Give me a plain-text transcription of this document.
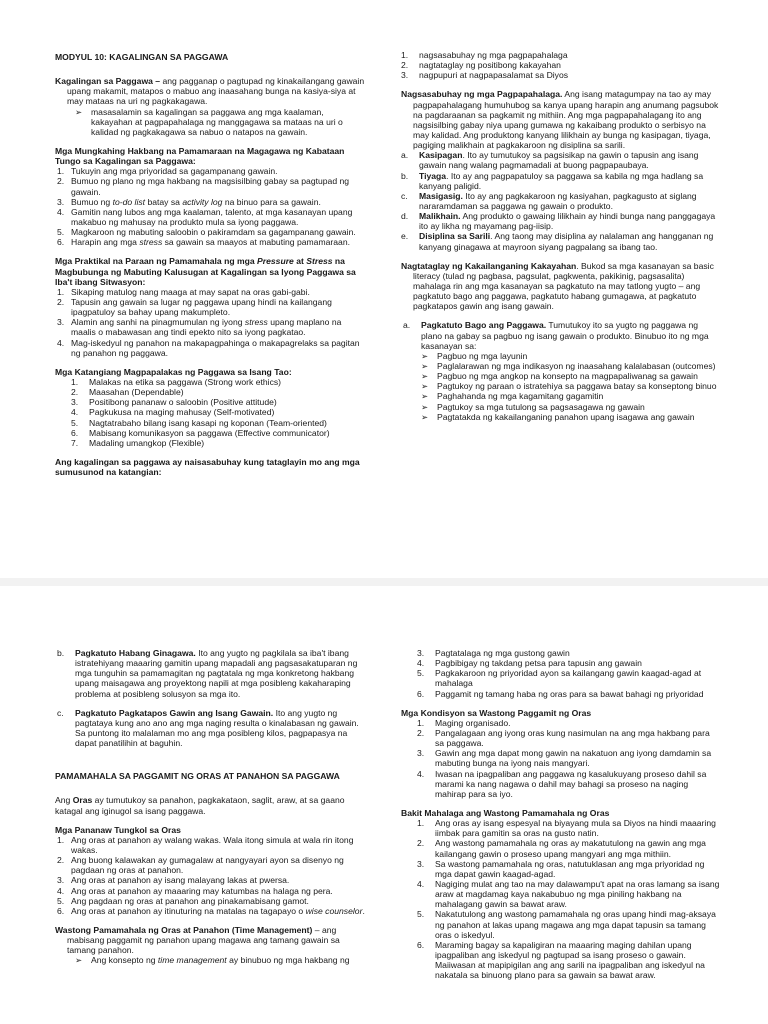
MODYUL 10: KAGALINGAN SA PAGGAWA

Kagalingan sa Paggawa – ang pagganap o pagtupad ng kinakailangang gawain upang makamit, matapos o mabuo ang inaasahang bunga na kasiya-siya at may mataas na uri ng pagkakagawa.

➢ masasalamin sa kagalingan sa paggawa ang mga kaalaman, kakayahan at pagpapahalaga ng manggagawa sa mataas na uri o kalidad ng pagkakagawa sa nabuo o natapos na gawain.

Mga Mungkahing Hakbang na Pamamaraan na Magagawa ng Kabataan Tungo sa Kagalingan sa Paggawa:

1. Tukuyin ang mga priyoridad sa gagampanang gawain.
2. Bumuo ng plano ng mga hakbang na magsisilbing gabay sa pagtupad ng gawain.
3. Bumuo ng to-do list batay sa activity log na binuo para sa gawain.
4. Gamitin nang lubos ang mga kaalaman, talento, at mga kasanayan upang makabuo ng mahusay na produkto mula sa iyong paggawa.
5. Magkaroon ng mabuting saloobin o pakiramdam sa gagampanang gawain.
6. Harapin ang mga stress sa gawain sa maayos at mabuting pamamaraan.

Mga Praktikal na Paraan ng Pamamahala ng mga Pressure at Stress na Magbubunga ng Mabuting Kalusugan at Kagalingan sa Iyong Paggawa sa Iba't ibang Sitwasyon:

1. Sikaping matulog nang maaga at may sapat na oras gabi-gabi.
2. Tapusin ang gawain sa lugar ng paggawa upang hindi na kailangang ipagpatuloy sa bahay upang makumpleto.
3. Alamin ang sanhi na pinagmumulan ng iyong stress upang maplano na maalis o mabawasan ang tindi epekto nito sa iyong pagkatao.
4. Mag-iskedyul ng panahon na makapagpahinga o makapagrelaks sa pagitan ng panahon ng paggawa.

Mga Katangiang Magpapalakas ng Paggawa sa Isang Tao:

1. Malakas na etika sa paggawa (Strong work ethics)
2. Maasahan (Dependable)
3. Positibong pananaw o saloobin (Positive attitude)
4. Pagkukusa na maging mahusay (Self-motivated)
5. Nagtatrabaho bilang isang kasapi ng koponan (Team-oriented)
6. Mabisang komunikasyon sa paggawa (Effective communicator)
7. Madaling umangkop (Flexible)

Ang kagalingan sa paggawa ay naisasabuhay kung tataglayin mo ang mga sumusunod na katangian:

1. nagsasabuhay ng mga pagpapahalaga
2. nagtataglay ng positibong kakayahan
3. nagpupuri at nagpapasalamat sa Diyos

Nagsasabuhay ng mga Pagpapahalaga. Ang isang matagumpay na tao ay may pagpapahalagang humuhubog sa kanya upang harapin ang anumang pagsubok na pagdaraanan sa pagkamit ng mithiin. Ang mga pagpapahalagang ito ang nagsisilbing gabay niya upang gumawa ng kakaibang produkto o serbisyo na may kalidad. Ang produktong kanyang lilikhain ay bunga ng kasipagan, tiyaga, pagiging malikhain at pagkakaroon ng disiplina sa sarili.

a. Kasipagan. Ito ay tumutukoy sa pagsisikap na gawin o tapusin ang isang gawain nang walang pagmamadali at buong pagpapaubaya.
b. Tiyaga. Ito ay ang pagpapatuloy sa paggawa sa kabila ng mga hadlang sa kanyang paligid.
c. Masigasig. Ito ay ang pagkakaroon ng kasiyahan, pagkagusto at siglang nararamdaman sa paggawa ng gawain o produkto.
d. Malikhain. Ang produkto o gawaing lilikhain ay hindi bunga nang panggagaya ito ay likha ng mayamang pag-iisip.
e. Disiplina sa Sarili. Ang taong may disiplina ay nalalaman ang hangganan ng kanyang ginagawa at mayroon siyang pagpalang sa ibang tao.

Nagtataglay ng Kakailanganing Kakayahan. Bukod sa mga kasanayan sa basic literacy (tulad ng pagbasa, pagsulat, pagkwenta, pakikinig, pagsasalita) mahalaga rin ang mga kasanayan sa pagkatuto na may tatlong yugto – ang pagkatuto bago ang paggawa, pagkatuto habang gumagawa, at pagkatuto pagkatapos gawin ang isang gawain.

a. Pagkatuto Bago ang Paggawa. Tumutukoy ito sa yugto ng paggawa ng plano na gabay sa pagbuo ng isang gawain o produkto. Binubuo ito ng mga kasanayan sa:

➢ Pagbuo ng mga layunin
➢ Paglalarawan ng mga indikasyon ng inaasahang kalalabasan (outcomes)
➢ Pagbuo ng mga angkop na konsepto na magpapaliwanag sa gawain
➢ Pagtukoy ng paraan o istratehiya sa paggawa batay sa konseptong binuo
➢ Paghahanda ng mga kagamitang gagamitin
➢ Pagtukoy sa mga tutulong sa pagsasagawa ng gawain
➢ Pagtatakda ng kakailanganing panahon upang isagawa ang gawain

b. Pagkatuto Habang Ginagawa. Ito ang yugto ng pagkilala sa iba't ibang istratehiyang maaaring gamitin upang mapadali ang pagsasakatuparan ng mga tunguhin sa pamamagitan ng pagtatala ng mga konkretong hakbang upang maisagawa ang proyektong napili at mga posibleng kakaharaping problema at posibleng solusyon sa mga ito.

c. Pagkatuto Pagkatapos Gawin ang Isang Gawain. Ito ang yugto ng pagtataya kung ano ano ang mga naging resulta o kinalabasan ng gawain. Sa puntong ito malalaman mo ang mga posibleng kilos, pagpapasya na dapat panatilihin at baguhin.

PAMAMAHALA SA PAGGAMIT NG ORAS AT PANAHON SA PAGGAWA

Ang Oras ay tumutukoy sa panahon, pagkakataon, saglit, araw, at sa gaano katagal ang iginugol sa isang paggawa.

Mga Pananaw Tungkol sa Oras

1. Ang oras at panahon ay walang wakas. Wala itong simula at wala rin itong wakas.
2. Ang buong kalawakan ay gumagalaw at nangyayari ayon sa disenyo ng pagdaan ng oras at panahon.
3. Ang oras at panahon ay isang malayang lakas at pwersa.
4. Ang oras at panahon ay maaaring may katumbas na halaga ng pera.
5. Ang pagdaan ng oras at panahon ang pinakamabisang gamot.
6. Ang oras at panahon ay itinuturing na matalas na tagapayo o wise counselor.

Wastong Pamamahala ng Oras at Panahon (Time Management) – ang mabisang paggamit ng panahon upang magawa ang tamang gawain sa tamang panahon.

➢ Ang konsepto ng time management ay binubuo ng mga hakbang ng
3. Pagtatalaga ng mga gustong gawin
4. Pagbibigay ng takdang petsa para tapusin ang gawain
5. Pagkakaroon ng priyoridad ayon sa kailangang gawin kaagad-agad at mahalaga
6. Paggamit ng tamang haba ng oras para sa bawat bahagi ng priyoridad

Mga Kondisyon sa Wastong Paggamit ng Oras

1. Maging organisado.
2. Pangalagaan ang iyong oras kung nasimulan na ang mga hakbang para sa paggawa.
3. Gawin ang mga dapat mong gawin na nakatuon ang iyong damdamin sa mabuting bunga na iyong nais mangyari.
4. Iwasan na ipagpaliban ang paggawa ng kasalukuyang proseso dahil sa marami ka nang nagawa o dahil may bahagi sa proseso na naging mahirap para sa iyo.

Bakit Mahalaga ang Wastong Pamamahala ng Oras

1. Ang oras ay isang espesyal na biyayang mula sa Diyos na hindi maaaring iimbak para gamitin sa oras na gusto natin.
2. Ang wastong pamamahala ng oras ay makatutulong na gawin ang mga kailangang gawin o proseso upang mangyari ang mga mithiin.
3. Sa wastong pamamahala ng oras, natutuklasan ang mga priyoridad ng mga dapat gawin kaagad-agad.
4. Nagiging mulat ang tao na may dalawampu't apat na oras lamang sa isang araw at magdamag kaya nakabubuo ng mga piniling hakbang na mahalagang gawin sa bawat araw.
5. Nakatutulong ang wastong pamamahala ng oras upang hindi mag-aksaya ng panahon at lakas upang magawa ang mga dapat tapusin sa tamang oras o iskedyul.
6. Maraming bagay sa kapaligiran na maaaring maging dahilan upang ipagpaliban ang iskedyul ng pagtupad sa isang proseso o gawain. Maiiwasan at mapipigilan ang ang sarili na ipagpaliban ang iskedyul na nakatala sa binuong plano para sa gawain sa bawat araw.
